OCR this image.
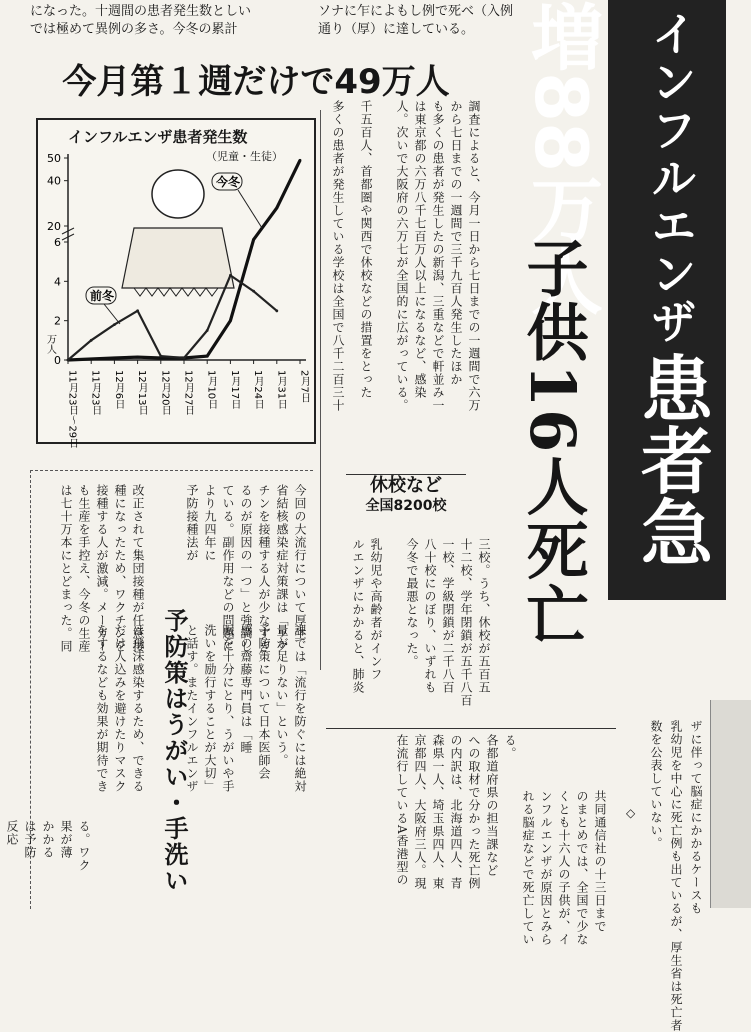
になった。十週間の患者発生数としい
では極めて異例の多さ。今冬の累計
ソナに乍によもし例で死ベ（入例
通り（厚）に達している。	インフルエンザ 患者急増88万人
子供16人死亡
今月第１週だけで49万人
50
40
20
6
4
2
0
万人
11月23日〜29日 11月23日 12月6日 12月13日 12月20日 12月27日 1月10日 1月17日 1月24日 1月31日 2月7日
今冬
前冬
インフルエンザ患者発生数
（児童・生徒）	調査によると、今月一日から七日までの一週間で六万
から七日までの一週間で三千九百人発生したほか
も多くの患者が発生したの新潟、三重などで軒並み一
は東京都の六万八千七百万人以上になるなど、感染
人。次いで大阪府の六万七が全国的に広がっている。
千五百人、首都圏や関西で休校などの措置をとった
多くの患者が発生している学校は全国で八千二百三十
休校など
全国8200校
三校。うち、休校が五百五
十二校、学年閉鎖が五千八百
一校、学級閉鎖が二千八百
八十校にのぼり、いずれも
今冬で最悪となった。
乳幼児や高齢者がインフ
ルエンザにかかると、肺炎
ザに伴って脳症にかかるケースも
乳幼児を中心に死亡例も出ているが、厚生省は死亡者
数を公表していない。
◇
共同通信社の十三日まで
のまとめでは、全国で少な
くとも十六人の子供が、イ
ンフルエンザが原因とみら
れる脳症などで死亡してい
る。
各都道府県の担当課など
への取材で分かった死亡例
の内訳は、北海道四人、青
森県一人、埼玉県四人、東
京都四人、大阪府三人。現
在流行しているA香港型の
今回の大流行について厚生
省結核感染症対策課は「ワク
チンを接種する人が少なすぎ
るのが原因の一つ」と強調し
ている。副作用などの問題に
より九四年に
予防接種法が
改正されて集団接種が任意接
種になったため、ワクチンを
接種する人が激減。メーカー
も生産を手控え、今冬の生産
は七十万本にとどまった。同
予防策はうがい・手洗い	課では「流行を防ぐには絶対
量が足りない」という。
予防策について日本医師会
感の齋藤専門員は「睡
眠を十分にとり、うがいや手
洗いを励行することが大切」
と話す。またインフルエンザ
は飛沫感染するため、できる
だけ人込みを避けたりマスク
をするなども効果が期待でき
る。ワク
果が薄
かかる
は予防
反応
